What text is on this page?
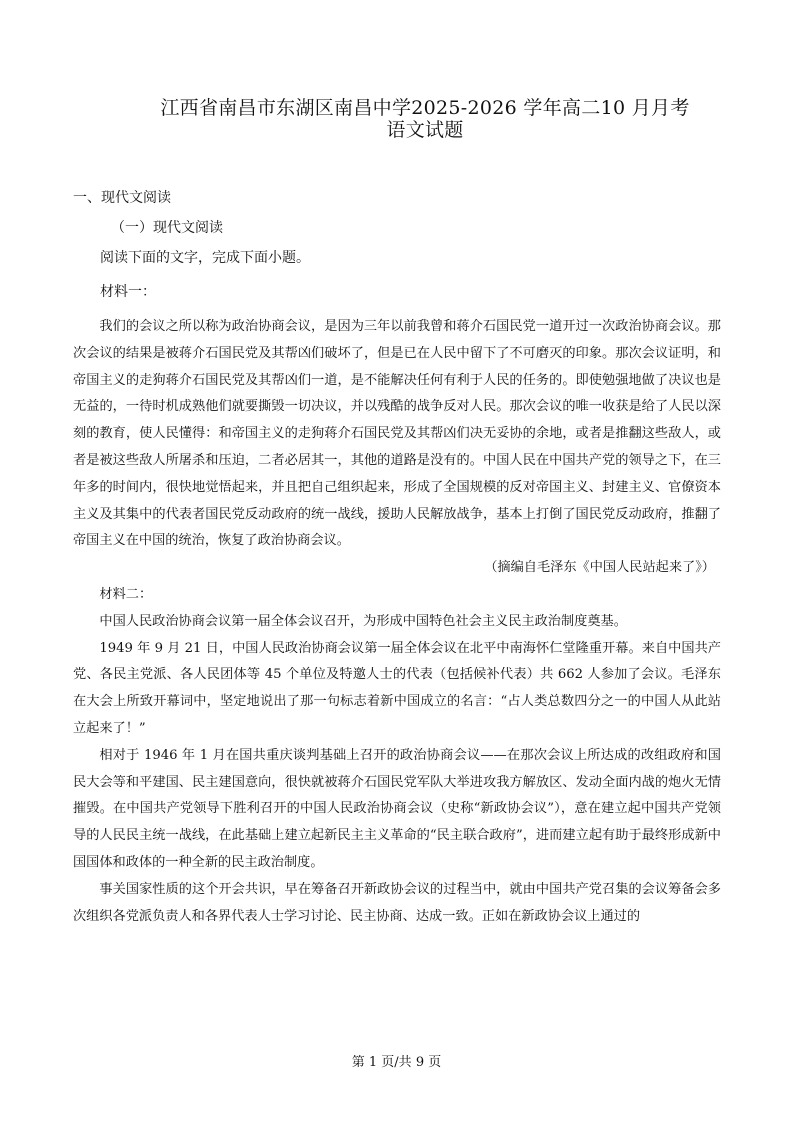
江西省南昌市东湖区南昌中学2025-2026 学年高二10 月月考
语文试题
一、现代文阅读
（一）现代文阅读
阅读下面的文字，完成下面小题。
材料一：

我们的会议之所以称为政治协商会议，是因为三年以前我曾和蒋介石国民党一道开过一次政治协商会议。那次会议的结果是被蒋介石国民党及其帮凶们破坏了，但是已在人民中留下了不可磨灭的印象。那次会议证明，和帝国主义的走狗蒋介石国民党及其帮凶们一道，是不能解决任何有利于人民的任务的。即使勉强地做了决议也是无益的，一待时机成熟他们就要撕毁一切决议，并以残酷的战争反对人民。那次会议的唯一收获是给了人民以深刻的教育，使人民懂得：和帝国主义的走狗蒋介石国民党及其帮凶们决无妥协的余地，或者是推翻这些敌人，或者是被这些敌人所屠杀和压迫，二者必居其一，其他的道路是没有的。中国人民在中国共产党的领导之下，在三年多的时间内，很快地觉悟起来，并且把自己组织起来，形成了全国规模的反对帝国主义、封建主义、官僚资本主义及其集中的代表者国民党反动政府的统一战线，援助人民解放战争，基本上打倒了国民党反动政府，推翻了帝国主义在中国的统治，恢复了政治协商会议。

（摘编自毛泽东《中国人民站起来了》）

材料二：

中国人民政治协商会议第一届全体会议召开，为形成中国特色社会主义民主政治制度奠基。

1949 年 9 月 21 日，中国人民政治协商会议第一届全体会议在北平中南海怀仁堂隆重开幕。来自中国共产党、各民主党派、各人民团体等 45 个单位及特邀人士的代表（包括候补代表）共 662 人参加了会议。毛泽东在大会上所致开幕词中，坚定地说出了那一句标志着新中国成立的名言：“占人类总数四分之一的中国人从此站立起来了！”

相对于 1946 年 1 月在国共重庆谈判基础上召开的政治协商会议——在那次会议上所达成的改组政府和国民大会等和平建国、民主建国意向，很快就被蒋介石国民党军队大举进攻我方解放区、发动全面内战的炮火无情摧毁。在中国共产党领导下胜利召开的中国人民政治协商会议（史称“新政协会议”），意在建立起中国共产党领导的人民民主统一战线，在此基础上建立起新民主主义革命的“民主联合政府”，进而建立起有助于最终形成新中国国体和政体的一种全新的民主政治制度。

事关国家性质的这个开会共识，早在筹备召开新政协会议的过程当中，就由中国共产党召集的会议筹备会多次组织各党派负责人和各界代表人士学习讨论、民主协商、达成一致。正如在新政协会议上通过的

第 1 页/共 9 页
